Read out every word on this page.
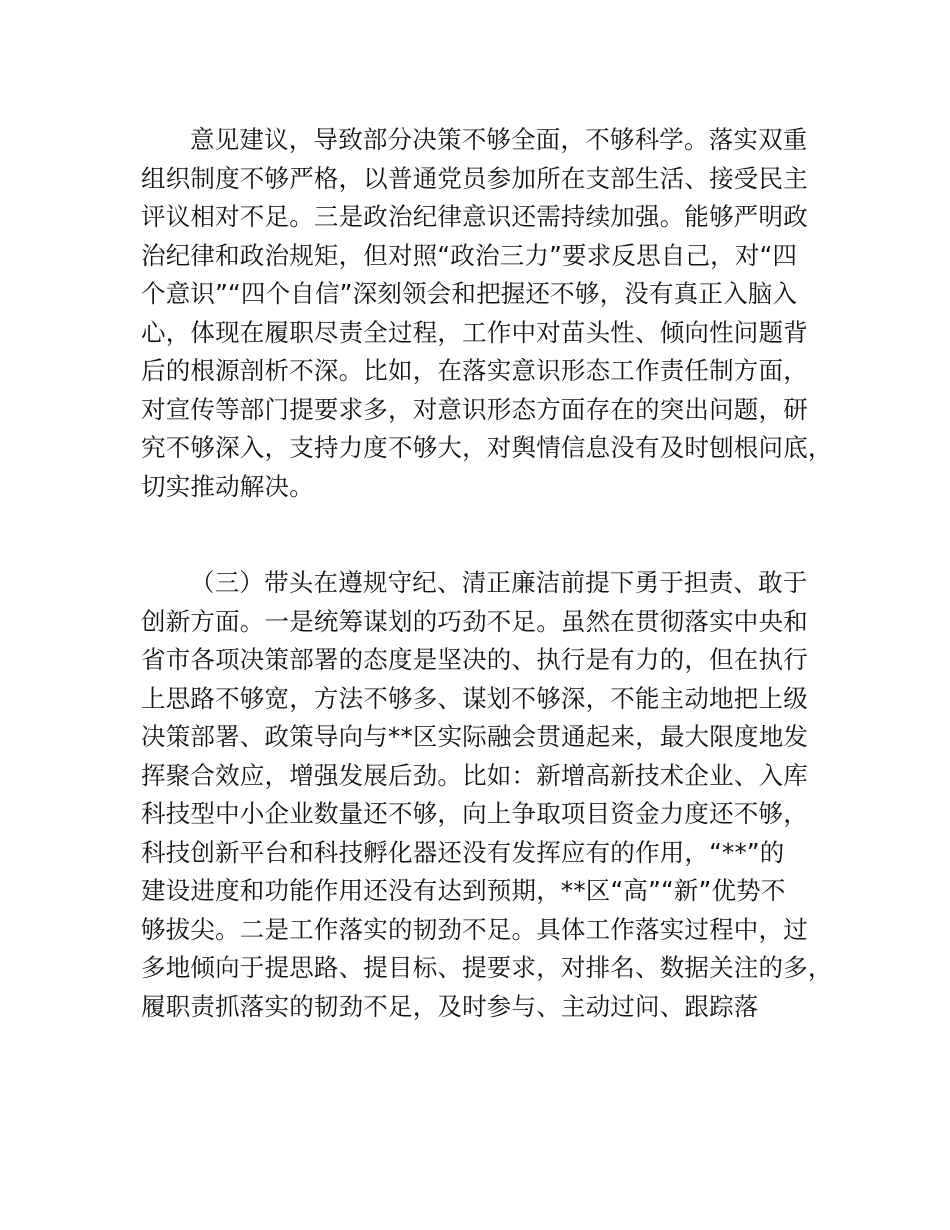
意见建议，导致部分决策不够全面，不够科学。落实双重
组织制度不够严格，以普通党员参加所在支部生活、接受民主
评议相对不足。三是政治纪律意识还需持续加强。能够严明政
治纪律和政治规矩，但对照“政治三力”要求反思自己，对“四
个意识”“四个自信”深刻领会和把握还不够，没有真正入脑入
心，体现在履职尽责全过程，工作中对苗头性、倾向性问题背
后的根源剖析不深。比如，在落实意识形态工作责任制方面，
对宣传等部门提要求多，对意识形态方面存在的突出问题，研
究不够深入，支持力度不够大，对舆情信息没有及时刨根问底，
切实推动解决。
（三）带头在遵规守纪、清正廉洁前提下勇于担责、敢于
创新方面。一是统筹谋划的巧劲不足。虽然在贯彻落实中央和
省市各项决策部署的态度是坚决的、执行是有力的，但在执行
上思路不够宽，方法不够多、谋划不够深，不能主动地把上级
决策部署、政策导向与**区实际融会贯通起来，最大限度地发
挥聚合效应，增强发展后劲。比如：新增高新技术企业、入库
科技型中小企业数量还不够，向上争取项目资金力度还不够，
科技创新平台和科技孵化器还没有发挥应有的作用，“**”的
建设进度和功能作用还没有达到预期，**区“高”“新”优势不
够拔尖。二是工作落实的韧劲不足。具体工作落实过程中，过
多地倾向于提思路、提目标、提要求，对排名、数据关注的多，
履职责抓落实的韧劲不足，及时参与、主动过问、跟踪落
